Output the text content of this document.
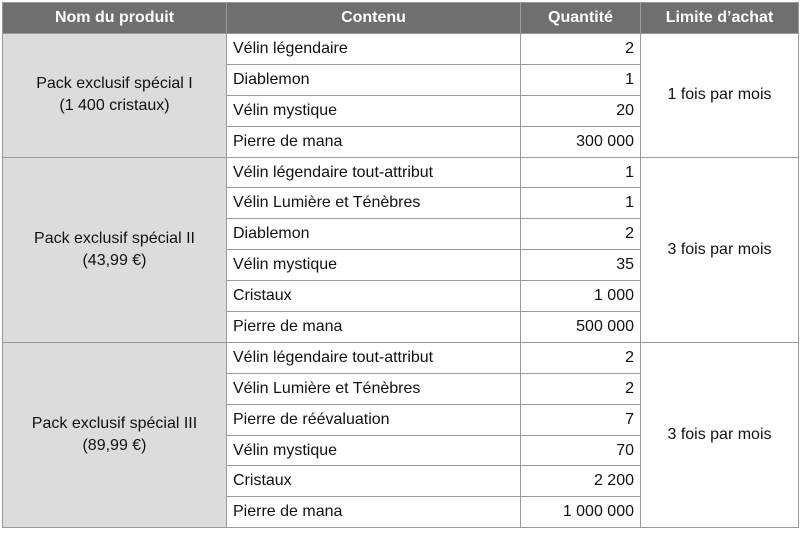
Nom du produit	Contenu	Quantité	Limite d’achat

Pack exclusif spécial I
(1 400 cristaux)	Vélin légendaire	2	1 fois par mois
	Diablemon	1	
	Vélin mystique	20	
	Pierre de mana	300 000	

Pack exclusif spécial II
(43,99 €)	Vélin légendaire tout-attribut	1	3 fois par mois
	Vélin Lumière et Ténèbres	1	
	Diablemon	2	
	Vélin mystique	35	
	Cristaux	1 000	
	Pierre de mana	500 000	

Pack exclusif spécial III
(89,99 €)	Vélin légendaire tout-attribut	2	3 fois par mois
	Vélin Lumière et Ténèbres	2	
	Pierre de réévaluation	7	
	Vélin mystique	70	
	Cristaux	2 200	
	Pierre de mana	1 000 000	
